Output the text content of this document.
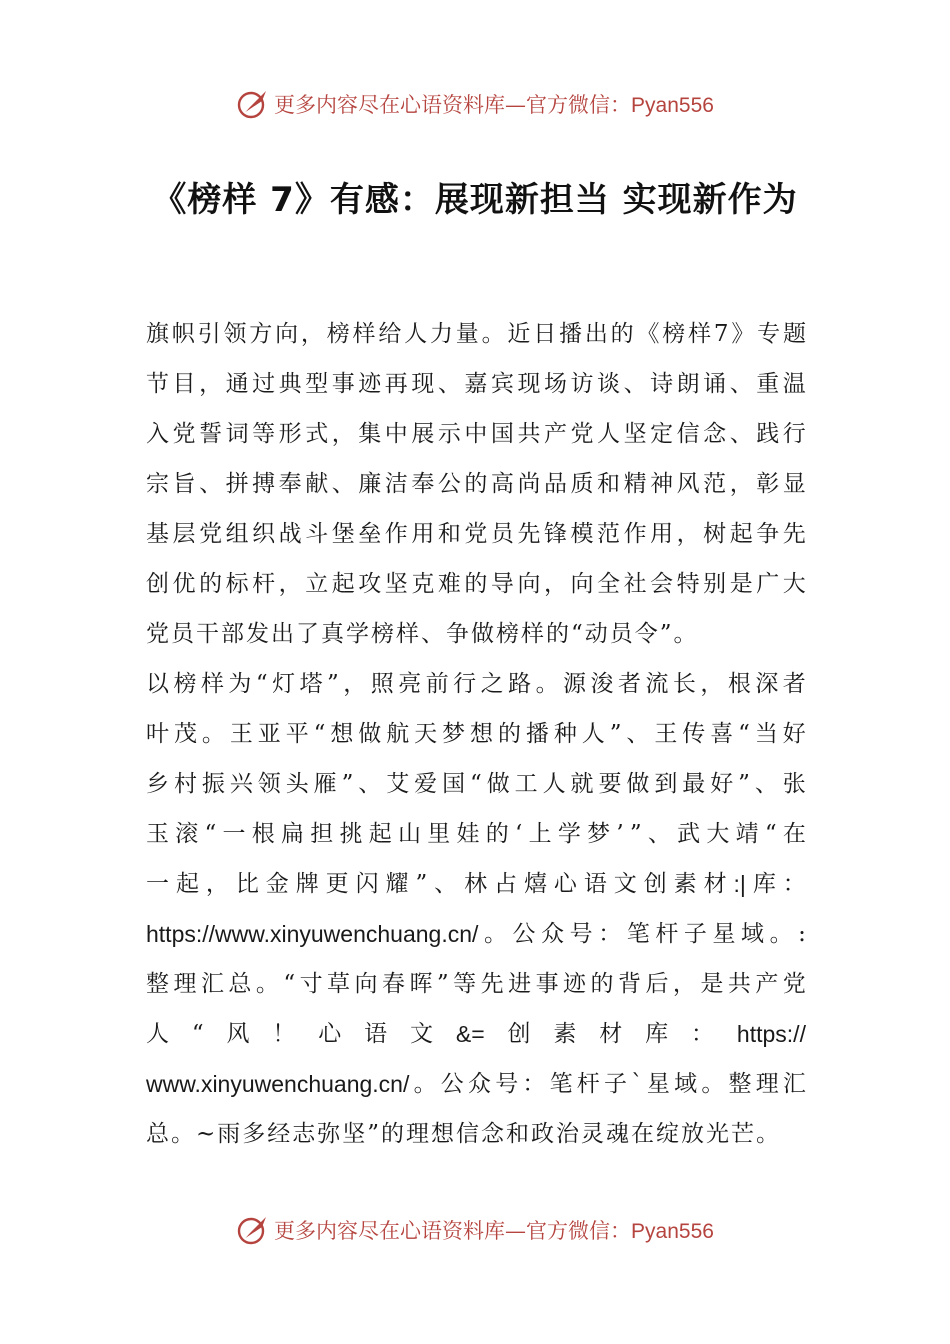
更多内容尽在心语资料库—官方微信：Pyan556
《榜样 7》有感：展现新担当 实现新作为
旗 帜 引 领 方 向 ， 榜 样 给 人 力 量 。 近 日 播 出 的 《 榜 样 7 》 专 题
节 目 ， 通 过 典 型 事 迹 再 现 、 嘉 宾 现 场 访 谈 、 诗 朗 诵 、 重 温
入 党 誓 词 等 形 式 ， 集 中 展 示 中 国 共 产 党 人 坚 定 信 念 、 践 行
宗 旨 、 拼 搏 奉 献 、 廉 洁 奉 公 的 高 尚 品 质 和 精 神 风 范 ， 彰 显
基 层 党 组 织 战 斗 堡 垒 作 用 和 党 员 先 锋 模 范 作 用 ， 树 起 争 先
创 优 的 标 杆 ， 立 起 攻 坚 克 难 的 导 向 ， 向 全 社 会 特 别 是 广 大
党员干部发出了真学榜样、争做榜样的“动员令”。
以 榜 样 为 “ 灯 塔 ” ， 照 亮 前 行 之 路 。 源 浚 者 流 长 ， 根 深 者
叶 茂 。 王 亚 平 “ 想 做 航 天 梦 想 的 播 种 人 ” 、 王 传 喜 “ 当 好
乡 村 振 兴 领 头 雁 ” 、 艾 爱 国 “ 做 工 人 就 要 做 到 最 好 ” 、 张
玉 滚 “ 一 根 扁 担 挑 起 山 里 娃 的 ‘ 上 学 梦 ’ ” 、 武 大 靖 “ 在
一 起 ， 比 金 牌 更 闪 耀 ” 、 林 占 熺 心 语 文 创 素 材 :| 库 ：
https://www.xinyuwenchuang.cn/ 。 公 众 号 ： 笔 杆 子 星 域 。 :
整 理 汇 总 。 “ 寸 草 向 春 晖 ” 等 先 进 事 迹 的 背 后 ， 是 共 产 党
人 “ 风 ！ 心 语 文 &= 创 素 材 库 ： https://
www.xinyuwenchuang.cn/ 。 公 众 号 ： 笔 杆 子 ` 星 域 。 整 理 汇
总。~雨多经志弥坚”的理想信念和政治灵魂在绽放光芒。
更多内容尽在心语资料库—官方微信：Pyan556
